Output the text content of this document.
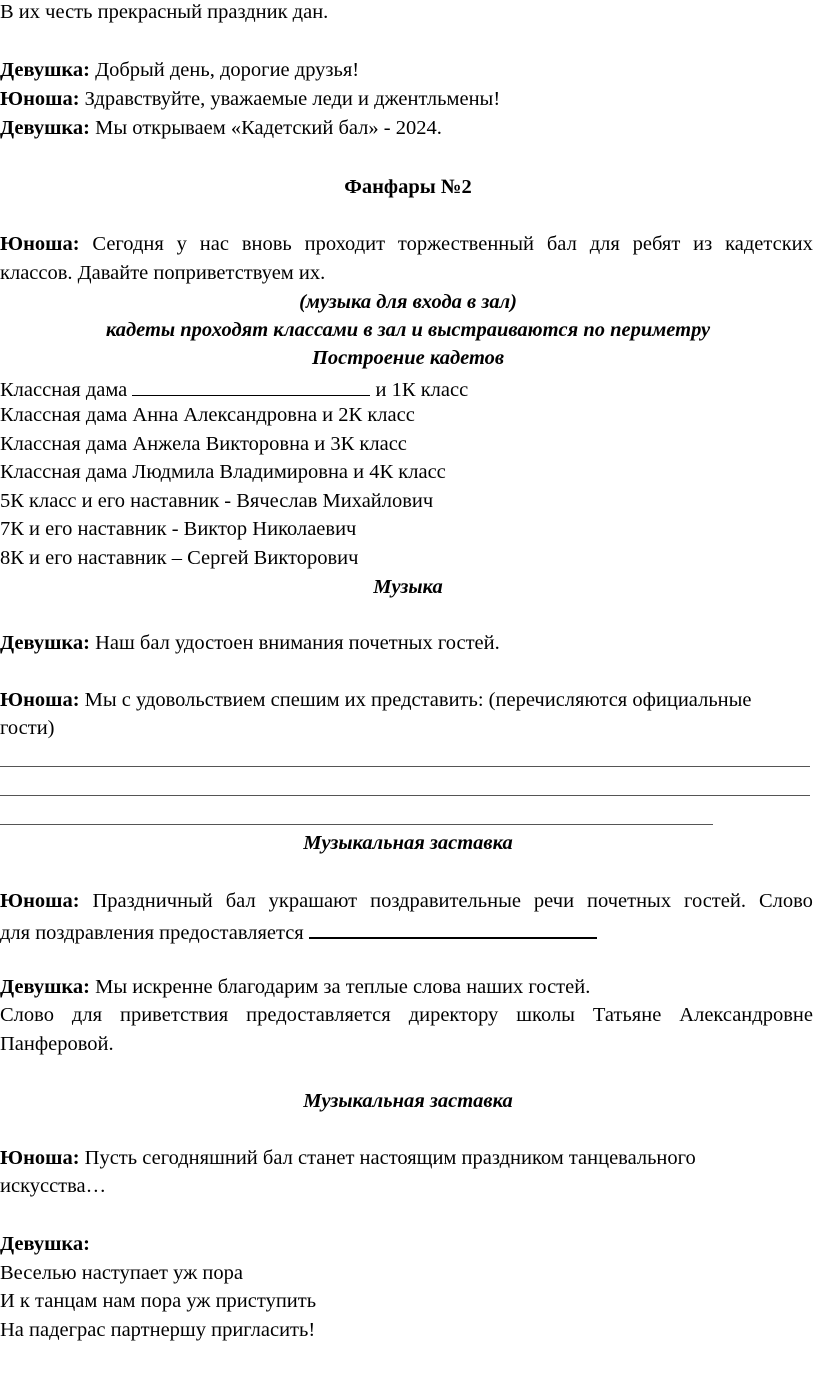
В их честь прекрасный праздник дан.
Девушка: Добрый день, дорогие друзья!
Юноша: Здравствуйте, уважаемые леди и джентльмены!
Девушка: Мы открываем «Кадетский бал» - 2024.
Фанфары №2
Юноша: Сегодня у нас вновь проходит торжественный бал для ребят из кадетских
классов. Давайте поприветствуем их.
(музыка для входа в зал)
кадеты проходят классами в зал и выстраиваются по периметру
Построение кадетов
Классная дама	и 1К класс
Классная дама Анна Александровна и 2К класс
Классная дама Анжела Викторовна и 3К класс
Классная дама Людмила Владимировна и 4К класс
5К класс и его наставник - Вячеслав Михайлович
7К и его наставник - Виктор Николаевич
8К и его наставник – Сергей Викторович
Музыка
Девушка: Наш бал удостоен внимания почетных гостей.
Юноша: Мы с удовольствием спешим их представить: (перечисляются официальные
гости)
Музыкальная заставка
Юноша: Праздничный бал украшают поздравительные речи почетных гостей. Слово
для поздравления предоставляется
Девушка: Мы искренне благодарим за теплые слова наших гостей.
Слово для приветствия предоставляется директору школы Татьяне Александровне
Панферовой.
Музыкальная заставка
Юноша: Пусть сегодняшний бал станет настоящим праздником танцевального
искусства…
Девушка:
Веселью наступает уж пора
И к танцам нам пора уж приступить
На падеграс партнершу пригласить!
